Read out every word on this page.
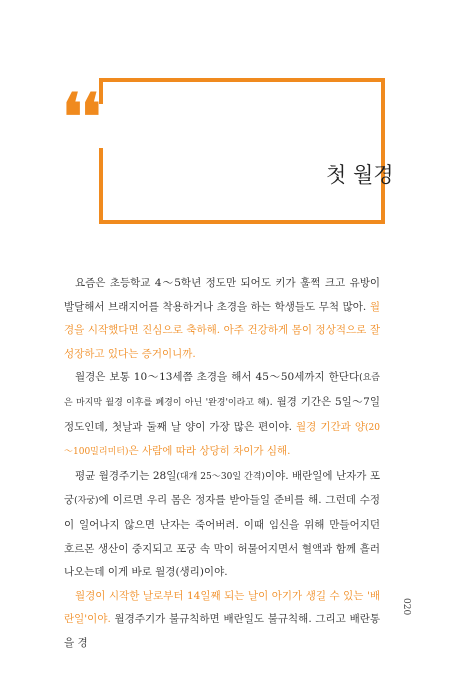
❛❛
첫 월경

요즘은 초등학교 4～5학년 정도만 되어도 키가 훌쩍 크고 유방이 발달해서 브래지어를 착용하거나 초경을 하는 학생들도 무척 많아. 월경을 시작했다면 진심으로 축하해. 아주 건강하게 몸이 정상적으로 잘 성장하고 있다는 증거이니까.

월경은 보통 10～13세쯤 초경을 해서 45～50세까지 한단다(요즘은 마지막 월경 이후를 폐경이 아닌 '완경'이라고 해). 월경 기간은 5일～7일 정도인데, 첫날과 둘째 날 양이 가장 많은 편이야. 월경 기간과 양(20～100밀리미터)은 사람에 따라 상당히 차이가 심해.

평균 월경주기는 28일(대개 25～30일 간격)이야. 배란일에 난자가 포궁(자궁)에 이르면 우리 몸은 정자를 받아들일 준비를 해. 그런데 수정이 일어나지 않으면 난자는 죽어버려. 이때 임신을 위해 만들어지던 호르몬 생산이 중지되고 포궁 속 막이 허물어지면서 혈액과 함께 흘러나오는데 이게 바로 월경(생리)이야.

월경이 시작한 날로부터 14일째 되는 날이 아기가 생길 수 있는 '배란일'이야. 월경주기가 불규칙하면 배란일도 불규칙해. 그리고 배란통을 경

020
